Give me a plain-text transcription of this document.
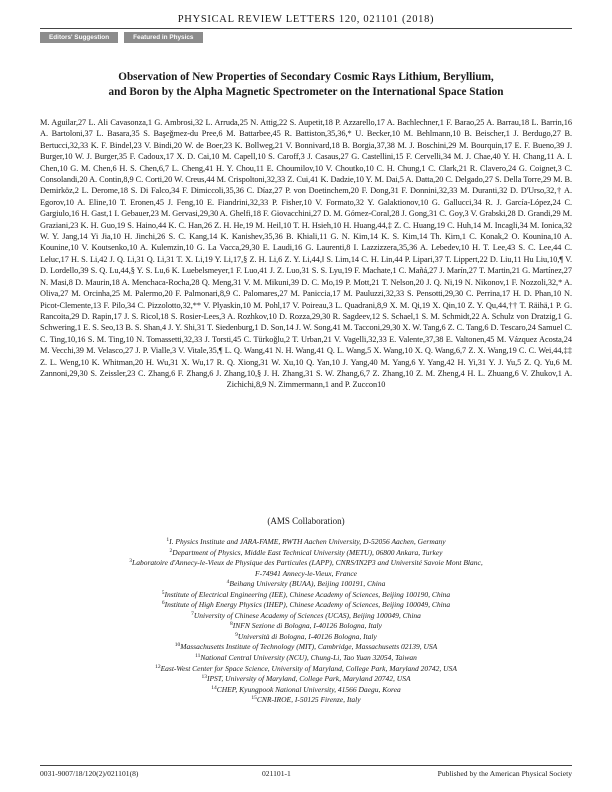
PHYSICAL REVIEW LETTERS 120, 021101 (2018)
Editors' Suggestion	Featured in Physics
Observation of New Properties of Secondary Cosmic Rays Lithium, Beryllium,
and Boron by the Alpha Magnetic Spectrometer on the International Space Station
M. Aguilar,27 L. Ali Cavasonza,1 G. Ambrosi,32 L. Arruda,25 N. Attig,22 S. Aupetit,18 P. Azzarello,17 A. Bachlechner,1 F. Barao,25 A. Barrau,18 L. Barrin,16 A. Bartoloni,37 L. Basara,35 S. Başeğmez-du Pree,6 M. Battarbee,45 R. Battiston,35,36,* U. Becker,10 M. Behlmann,10 B. Beischer,1 J. Berdugo,27 B. Bertucci,32,33 K. F. Bindel,23 V. Bindi,20 W. de Boer,23 K. Bollweg,21 V. Bonnivard,18 B. Borgia,37,38 M. J. Boschini,29 M. Bourquin,17 E. F. Bueno,39 J. Burger,10 W. J. Burger,35 F. Cadoux,17 X. D. Cai,10 M. Capell,10 S. Caroff,3 J. Casaus,27 G. Castellini,15 F. Cervelli,34 M. J. Chae,40 Y. H. Chang,11 A. I. Chen,10 G. M. Chen,6 H. S. Chen,6,7 L. Cheng,41 H. Y. Chou,11 E. Choumilov,10 V. Choutko,10 C. H. Chung,1 C. Clark,21 R. Clavero,24 G. Coignet,3 C. Consolandi,20 A. Contin,8,9 C. Corti,20 W. Creus,44 M. Crispoltoni,32,33 Z. Cui,41 K. Dadzie,10 Y. M. Dai,5 A. Datta,20 C. Delgado,27 S. Della Torre,29 M. B. Demirköz,2 L. Derome,18 S. Di Falco,34 F. Dimiccoli,35,36 C. Díaz,27 P. von Doetinchem,20 F. Dong,31 F. Donnini,32,33 M. Duranti,32 D. D'Urso,32,† A. Egorov,10 A. Eline,10 T. Eronen,45 J. Feng,10 E. Fiandrini,32,33 P. Fisher,10 V. Formato,32 Y. Galaktionov,10 G. Gallucci,34 R. J. García-López,24 C. Gargiulo,16 H. Gast,1 I. Gebauer,23 M. Gervasi,29,30 A. Ghelfi,18 F. Giovacchini,27 D. M. Gómez-Coral,28 J. Gong,31 C. Goy,3 V. Grabski,28 D. Grandi,29 M. Graziani,23 K. H. Guo,19 S. Haino,44 K. C. Han,26 Z. H. He,19 M. Heil,10 T. H. Hsieh,10 H. Huang,44,‡ Z. C. Huang,19 C. Huh,14 M. Incagli,34 M. Ionica,32 W. Y. Jang,14 Yi Jia,10 H. Jinchi,26 S. C. Kang,14 K. Kanishev,35,36 B. Khiali,11 G. N. Kim,14 K. S. Kim,14 Th. Kirn,1 C. Konak,2 O. Kounina,10 A. Kounine,10 V. Koutsenko,10 A. Kulemzin,10 G. La Vacca,29,30 E. Laudi,16 G. Laurenti,8 I. Lazzizzera,35,36 A. Lebedev,10 H. T. Lee,43 S. C. Lee,44 C. Leluc,17 H. S. Li,42 J. Q. Li,31 Q. Li,31 T. X. Li,19 Y. Li,17,§ Z. H. Li,6 Z. Y. Li,44,‖ S. Lim,14 C. H. Lin,44 P. Lipari,37 T. Lippert,22 D. Liu,11 Hu Liu,10,¶ V. D. Lordello,39 S. Q. Lu,44,§ Y. S. Lu,6 K. Luebelsmeyer,1 F. Luo,41 J. Z. Luo,31 S. S. Lyu,19 F. Machate,1 C. Mañá,27 J. Marín,27 T. Martin,21 G. Martínez,27 N. Masi,8 D. Maurin,18 A. Menchaca-Rocha,28 Q. Meng,31 V. M. Mikuni,39 D. C. Mo,19 P. Mott,21 T. Nelson,20 J. Q. Ni,19 N. Nikonov,1 F. Nozzoli,32,* A. Oliva,27 M. Orcinha,25 M. Palermo,20 F. Palmonari,8,9 C. Palomares,27 M. Paniccia,17 M. Pauluzzi,32,33 S. Pensotti,29,30 C. Perrina,17 H. D. Phan,10 N. Picot-Clemente,13 F. Pilo,34 C. Pizzolotto,32,** V. Plyaskin,10 M. Pohl,17 V. Poireau,3 L. Quadrani,8,9 X. M. Qi,19 X. Qin,10 Z. Y. Qu,44,†† T. Räihä,1 P. G. Rancoita,29 D. Rapin,17 J. S. Ricol,18 S. Rosier-Lees,3 A. Rozhkov,10 D. Rozza,29,30 R. Sagdeev,12 S. Schael,1 S. M. Schmidt,22 A. Schulz von Dratzig,1 G. Schwering,1 E. S. Seo,13 B. S. Shan,4 J. Y. Shi,31 T. Siedenburg,1 D. Son,14 J. W. Song,41 M. Tacconi,29,30 X. W. Tang,6 Z. C. Tang,6 D. Tescaro,24 Samuel C. C. Ting,10,16 S. M. Ting,10 N. Tomassetti,32,33 J. Torsti,45 C. Türkoğlu,2 T. Urban,21 V. Vagelli,32,33 E. Valente,37,38 E. Valtonen,45 M. Vázquez Acosta,24 M. Vecchi,39 M. Velasco,27 J. P. Vialle,3 V. Vitale,35,¶ L. Q. Wang,41 N. H. Wang,41 Q. L. Wang,5 X. Wang,10 X. Q. Wang,6,7 Z. X. Wang,19 C. C. Wei,44,‡‡ Z. L. Weng,10 K. Whitman,20 H. Wu,31 X. Wu,17 R. Q. Xiong,31 W. Xu,10 Q. Yan,10 J. Yang,40 M. Yang,6 Y. Yang,42 H. Yi,31 Y. J. Yu,5 Z. Q. Yu,6 M. Zannoni,29,30 S. Zeissler,23 C. Zhang,6 F. Zhang,6 J. Zhang,10,§ J. H. Zhang,31 S. W. Zhang,6,7 Z. Zhang,10 Z. M. Zheng,4 H. L. Zhuang,6 V. Zhukov,1 A. Zichichi,8,9 N. Zimmermann,1 and P. Zuccon10
(AMS Collaboration)
$^1$I. Physics Institute and JARA-FAME, RWTH Aachen University, D-52056 Aachen, Germany
$^2$Department of Physics, Middle East Technical University (METU), 06800 Ankara, Turkey
$^3$Laboratoire d'Annecy-le-Vieux de Physique des Particules (LAPP), CNRS/IN2P3 and Université Savoie Mont Blanc,
F-74941 Annecy-le-Vieux, France
$^4$Beihang University (BUAA), Beijing 100191, China
$^5$Institute of Electrical Engineering (IEE), Chinese Academy of Sciences, Beijing 100190, China
$^6$Institute of High Energy Physics (IHEP), Chinese Academy of Sciences, Beijing 100049, China
$^7$University of Chinese Academy of Sciences (UCAS), Beijing 100049, China
$^8$INFN Sezione di Bologna, I-40126 Bologna, Italy
$^9$Università di Bologna, I-40126 Bologna, Italy
$^{10}$Massachusetts Institute of Technology (MIT), Cambridge, Massachusetts 02139, USA
$^{11}$National Central University (NCU), Chung-Li, Tao Yuan 32054, Taiwan
$^{12}$East-West Center for Space Science, University of Maryland, College Park, Maryland 20742, USA
$^{13}$IPST, University of Maryland, College Park, Maryland 20742, USA
$^{14}$CHEP, Kyungpook National University, 41566 Daegu, Korea
$^{15}$CNR-IROE, I-50125 Firenze, Italy
0031-9007/18/120(2)/021101(8)	021101-1	Published by the American Physical Society
